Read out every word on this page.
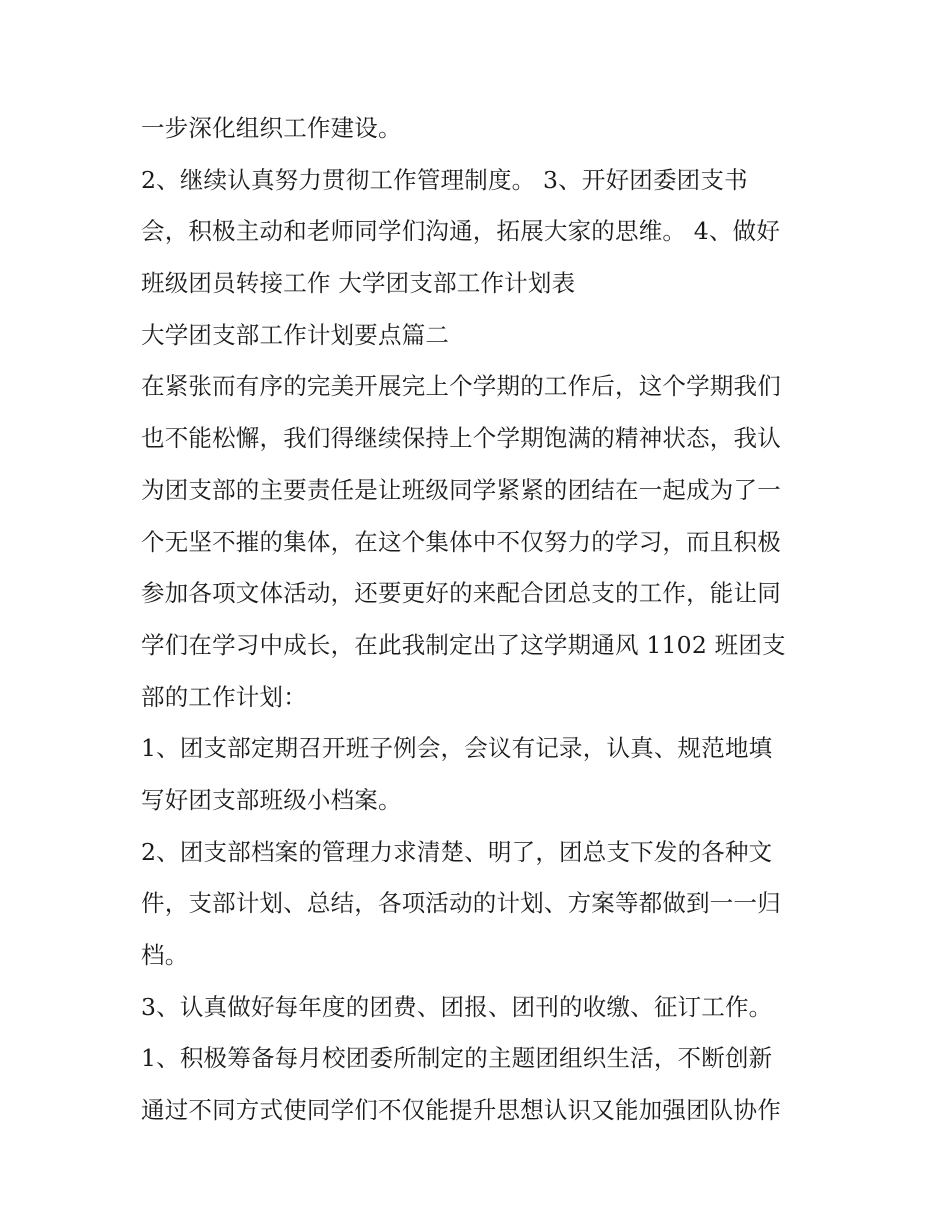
一步深化组织工作建设。
2、继续认真努力贯彻工作管理制度。 3、开好团委团支书
会，积极主动和老师同学们沟通，拓展大家的思维。 4、做好
班级团员转接工作 大学团支部工作计划表
大学团支部工作计划要点篇二
在紧张而有序的完美开展完上个学期的工作后，这个学期我们
也不能松懈，我们得继续保持上个学期饱满的精神状态，我认
为团支部的主要责任是让班级同学紧紧的团结在一起成为了一
个无坚不摧的集体，在这个集体中不仅努力的学习，而且积极
参加各项文体活动，还要更好的来配合团总支的工作，能让同
学们在学习中成长，在此我制定出了这学期通风 1102 班团支
部的工作计划：
1、团支部定期召开班子例会，会议有记录，认真、规范地填
写好团支部班级小档案。
2、团支部档案的管理力求清楚、明了，团总支下发的各种文
件，支部计划、总结，各项活动的计划、方案等都做到一一归
档。
3、认真做好每年度的团费、团报、团刊的收缴、征订工作。
1、积极筹备每月校团委所制定的主题团组织生活，不断创新
通过不同方式使同学们不仅能提升思想认识又能加强团队协作
